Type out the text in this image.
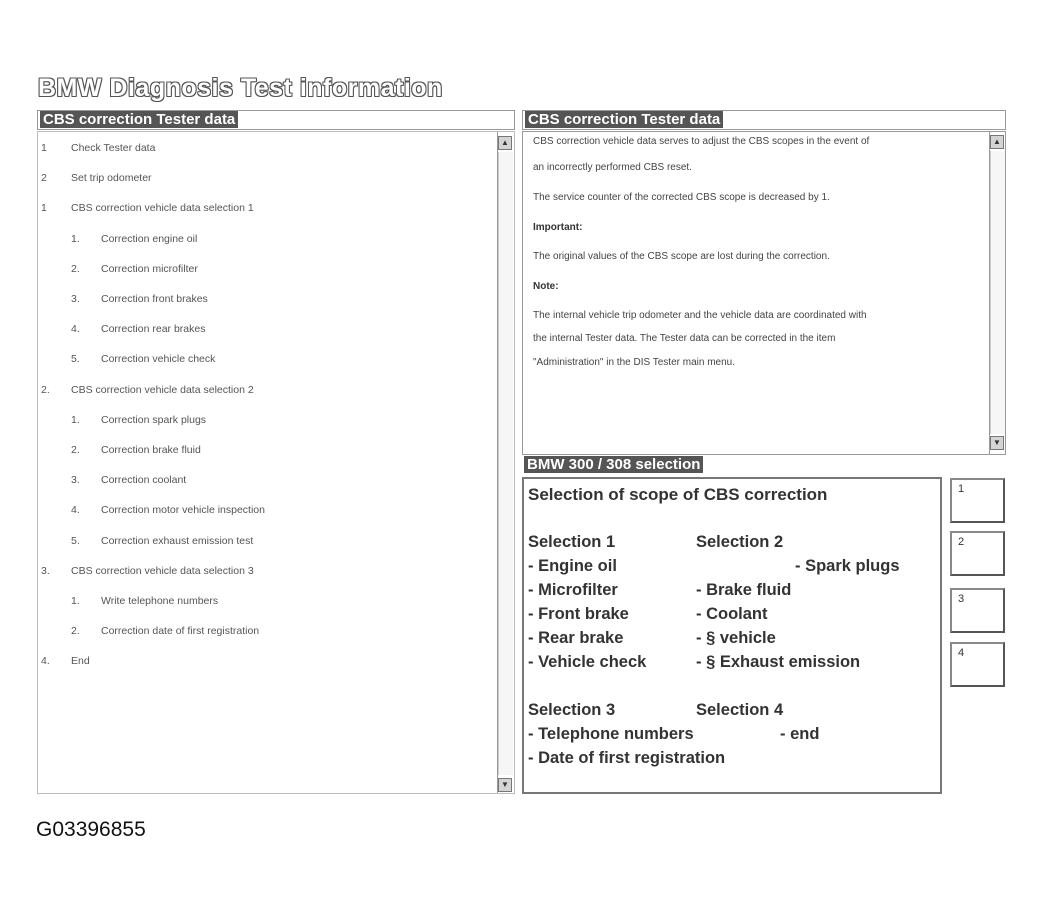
BMW Diagnosis Test information
CBS correction Tester data
1	Check Tester data
2	Set trip odometer
1	CBS correction vehicle data selection 1
1.	Correction engine oil
2.	Correction microfilter
3.	Correction front brakes
4.	Correction rear brakes
5.	Correction vehicle check
2.	CBS correction vehicle data selection 2
1.	Correction spark plugs
2.	Correction brake fluid
3.	Correction coolant
4.	Correction motor vehicle inspection
5.	Correction exhaust emission test
3.	CBS correction vehicle data selection 3
1.	Write telephone numbers
2.	Correction date of first registration
4.	End
▲
▼
CBS correction Tester data
CBS correction vehicle data serves to adjust the CBS scopes in the event of
an incorrectly performed CBS reset.
The service counter of the corrected CBS scope is decreased by 1.
Important:
The original values of the CBS scope are lost during the correction.
Note:
The internal vehicle trip odometer and the vehicle data are coordinated with
the internal Tester data. The Tester data can be corrected in the item
"Administration" in the DIS Tester main menu.
▲
▼
BMW 300 / 308 selection
Selection of scope of CBS correction
Selection 1
- Engine oil
- Microfilter
- Front brake
- Rear brake
- Vehicle check
Selection 2
- Spark plugs
- Brake fluid
- Coolant
- § vehicle
- § Exhaust emission
Selection 3
- Telephone numbers
- Date of first registration
Selection 4
- end
1
2
3
4
G03396855
